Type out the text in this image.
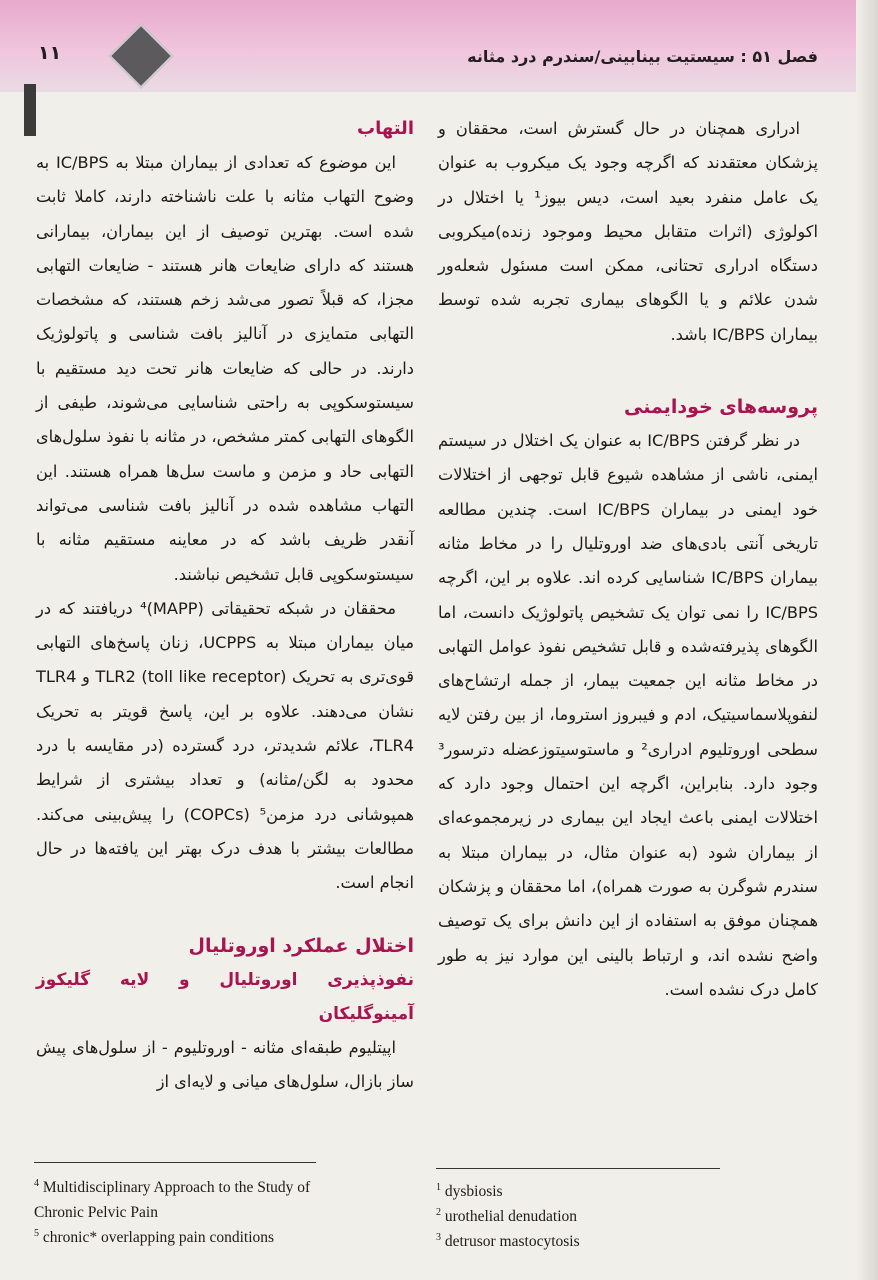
۱۱	فصل ۵۱ : سیستیت بینابینی/سندرم درد مثانه

ادراری همچنان در حال گسترش است، محققان و پزشکان معتقدند که اگرچه وجود یک میکروب به عنوان یک عامل منفرد بعید است، دیس بیوز¹ یا اختلال در اکولوژی (اثرات متقابل محیط وموجود زنده)میکروبی دستگاه ادراری تحتانی، ممکن است مسئول شعله‌ور شدن علائم و یا الگوهای بیماری تجربه شده توسط بیماران IC/BPS باشد.

پروسه‌های خودایمنی

در نظر گرفتن IC/BPS به عنوان یک اختلال در سیستم ایمنی، ناشی از مشاهده شیوع قابل توجهی از اختلالات خود ایمنی در بیماران IC/BPS است. چندین مطالعه تاریخی آنتی بادی‌های ضد اوروتلیال را در مخاط مثانه بیماران IC/BPS شناسایی کرده اند. علاوه بر این، اگرچه IC/BPS را نمی توان یک تشخیص پاتولوژیک دانست، اما الگوهای پذیرفته‌شده و قابل تشخیص نفوذ عوامل التهابی در مخاط مثانه این جمعیت بیمار، از جمله ارتشاح‌های لنفوپلاسماسیتیک، ادم و فیبروز استروما، از بین رفتن لایه سطحی اوروتلیوم ادراری² و ماستوسیتوزعضله دترسور³ وجود دارد. بنابراین، اگرچه این احتمال وجود دارد که اختلالات ایمنی باعث ایجاد این بیماری در زیرمجموعه‌ای از بیماران شود (به عنوان مثال، در بیماران مبتلا به سندرم شوگرن به صورت همراه)، اما محققان و پزشکان همچنان موفق به استفاده از این دانش برای یک توصیف واضح نشده اند، و ارتباط بالینی این موارد نیز به طور کامل درک نشده است.

التهاب

این موضوع که تعدادی از بیماران مبتلا به IC/BPS به وضوح التهاب مثانه با علت ناشناخته دارند، کاملا ثابت شده است. بهترین توصیف از این بیماران، بیمارانی هستند که دارای ضایعات هانر هستند - ضایعات التهابی مجزا، که قبلاً تصور می‌شد زخم هستند، که مشخصات التهابی متمایزی در آنالیز بافت شناسی و پاتولوژیک دارند. در حالی که ضایعات هانر تحت دید مستقیم با سیستوسکوپی به راحتی شناسایی می‌شوند، طیفی از الگوهای التهابی کمتر مشخص، در مثانه با نفوذ سلول‌های التهابی حاد و مزمن و ماست سل‌ها همراه هستند. این التهاب مشاهده شده در آنالیز بافت شناسی می‌تواند آنقدر ظریف باشد که در معاینه مستقیم مثانه با سیستوسکوپی قابل تشخیص نباشند.

محققان در شبکه تحقیقاتی (MAPP)⁴ دریافتند که در میان بیماران مبتلا به UCPPS، زنان پاسخ‌های التهابی قوی‌تری به تحریک TLR2 (toll like receptor) و TLR4 نشان می‌دهند. علاوه بر این، پاسخ قویتر به تحریک TLR4، علائم شدیدتر، درد گسترده (در مقایسه با درد محدود به لگن/مثانه) و تعداد بیشتری از شرایط همپوشانی درد مزمن⁵ (COPCs) را پیش‌بینی می‌کند. مطالعات بیشتر با هدف درک بهتر این یافته‌ها در حال انجام است.

اختلال عملکرد اوروتلیال
نفوذپذیری اوروتلیال و لایه گلیکوز آمینوگلیکان

اپیتلیوم طبقه‌ای مثانه - اوروتلیوم - از سلول‌های پیش ساز بازال، سلول‌های میانی و لایه‌ای از

$^4$ Multidisciplinary Approach to the Study of
Chronic Pelvic Pain
$^5$ chronic* overlapping pain conditions
$^1$ dysbiosis
$^2$ urothelial denudation
$^3$ detrusor mastocytosis
